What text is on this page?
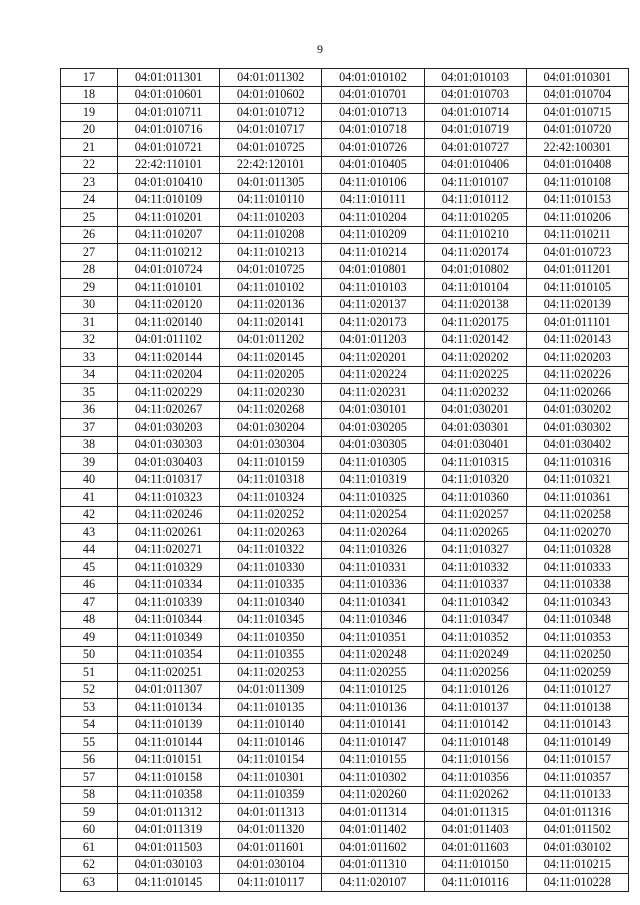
9
17	04:01:011301	04:01:011302	04:01:010102	04:01:010103	04:01:010301
18	04:01:010601	04:01:010602	04:01:010701	04:01:010703	04:01:010704
19	04:01:010711	04:01:010712	04:01:010713	04:01:010714	04:01:010715
20	04:01:010716	04:01:010717	04:01:010718	04:01:010719	04:01:010720
21	04:01:010721	04:01:010725	04:01:010726	04:01:010727	22:42:100301
22	22:42:110101	22:42:120101	04:01:010405	04:01:010406	04:01:010408
23	04:01:010410	04:01:011305	04:11:010106	04:11:010107	04:11:010108
24	04:11:010109	04:11:010110	04:11:010111	04:11:010112	04:11:010153
25	04:11:010201	04:11:010203	04:11:010204	04:11:010205	04:11:010206
26	04:11:010207	04:11:010208	04:11:010209	04:11:010210	04:11:010211
27	04:11:010212	04:11:010213	04:11:010214	04:11:020174	04:01:010723
28	04:01:010724	04:01:010725	04:01:010801	04:01:010802	04:01:011201
29	04:11:010101	04:11:010102	04:11:010103	04:11:010104	04:11:010105
30	04:11:020120	04:11:020136	04:11:020137	04:11:020138	04:11:020139
31	04:11:020140	04:11:020141	04:11:020173	04:11:020175	04:01:011101
32	04:01:011102	04:01:011202	04:01:011203	04:11:020142	04:11:020143
33	04:11:020144	04:11:020145	04:11:020201	04:11:020202	04:11:020203
34	04:11:020204	04:11:020205	04:11:020224	04:11:020225	04:11:020226
35	04:11:020229	04:11:020230	04:11:020231	04:11:020232	04:11:020266
36	04:11:020267	04:11:020268	04:01:030101	04:01:030201	04:01:030202
37	04:01:030203	04:01:030204	04:01:030205	04:01:030301	04:01:030302
38	04:01:030303	04:01:030304	04:01:030305	04:01:030401	04:01:030402
39	04:01:030403	04:11:010159	04:11:010305	04:11:010315	04:11:010316
40	04:11:010317	04:11:010318	04:11:010319	04:11:010320	04:11:010321
41	04:11:010323	04:11:010324	04:11:010325	04:11:010360	04:11:010361
42	04:11:020246	04:11:020252	04:11:020254	04:11:020257	04:11:020258
43	04:11:020261	04:11:020263	04:11:020264	04:11:020265	04:11:020270
44	04:11:020271	04:11:010322	04:11:010326	04:11:010327	04:11:010328
45	04:11:010329	04:11:010330	04:11:010331	04:11:010332	04:11:010333
46	04:11:010334	04:11:010335	04:11:010336	04:11:010337	04:11:010338
47	04:11:010339	04:11:010340	04:11:010341	04:11:010342	04:11:010343
48	04:11:010344	04:11:010345	04:11:010346	04:11:010347	04:11:010348
49	04:11:010349	04:11:010350	04:11:010351	04:11:010352	04:11:010353
50	04:11:010354	04:11:010355	04:11:020248	04:11:020249	04:11:020250
51	04:11:020251	04:11:020253	04:11:020255	04:11:020256	04:11:020259
52	04:01:011307	04:01:011309	04:11:010125	04:11:010126	04:11:010127
53	04:11:010134	04:11:010135	04:11:010136	04:11:010137	04:11:010138
54	04:11:010139	04:11:010140	04:11:010141	04:11:010142	04:11:010143
55	04:11:010144	04:11:010146	04:11:010147	04:11:010148	04:11:010149
56	04:11:010151	04:11:010154	04:11:010155	04:11:010156	04:11:010157
57	04:11:010158	04:11:010301	04:11:010302	04:11:010356	04:11:010357
58	04:11:010358	04:11:010359	04:11:020260	04:11:020262	04:11:010133
59	04:01:011312	04:01:011313	04:01:011314	04:01:011315	04:01:011316
60	04:01:011319	04:01:011320	04:01:011402	04:01:011403	04:01:011502
61	04:01:011503	04:01:011601	04:01:011602	04:01:011603	04:01:030102
62	04:01:030103	04:01:030104	04:01:011310	04:11:010150	04:11:010215
63	04:11:010145	04:11:010117	04:11:020107	04:11:010116	04:11:010228
